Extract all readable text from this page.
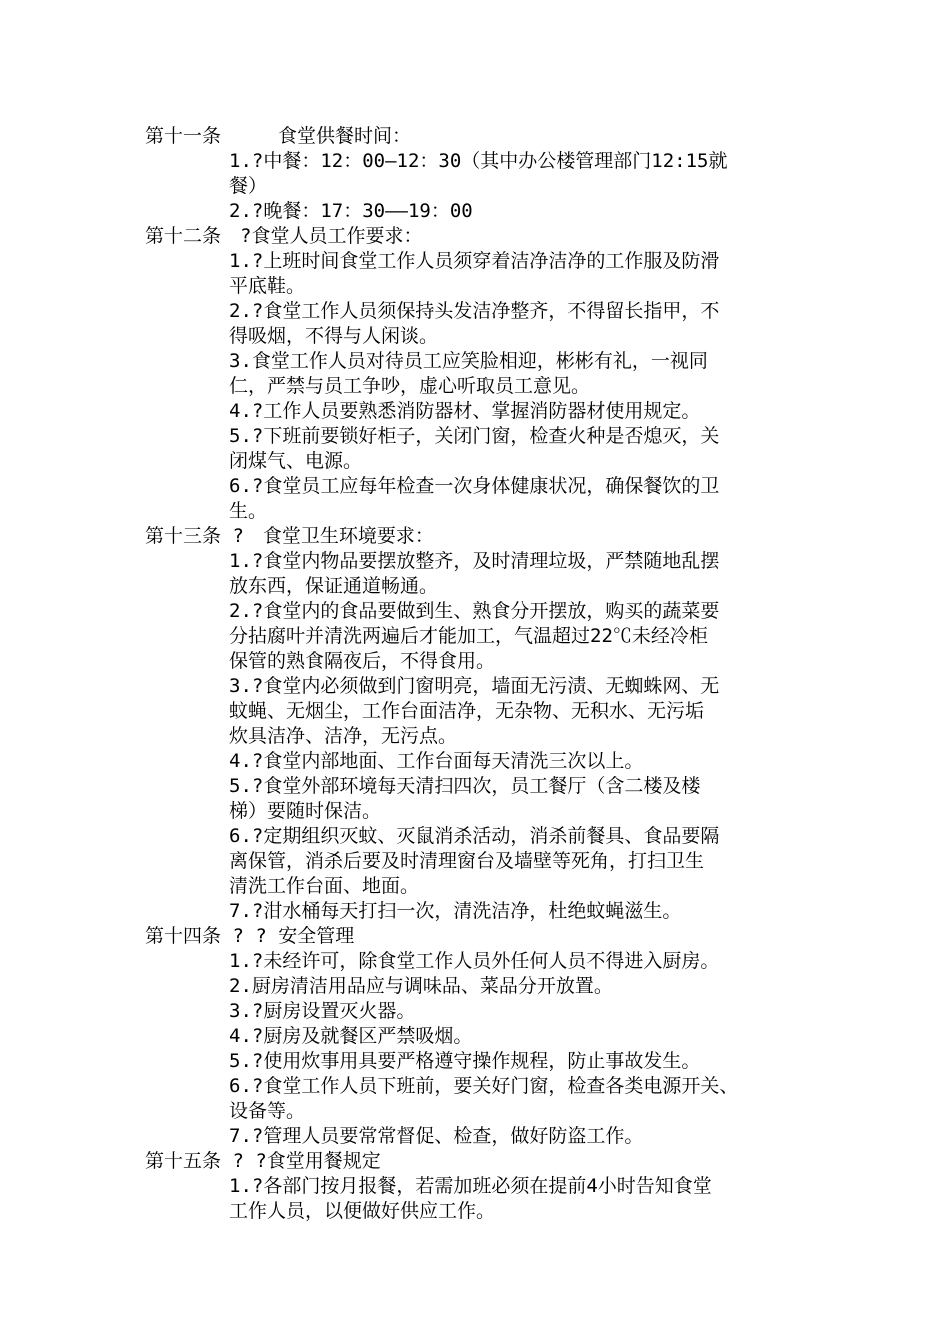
第十一条　　　食堂供餐时间：
1.?中餐：12：00—12：30（其中办公楼管理部门12:15就
餐）
2.?晚餐：17：30——19：00
第十二条　?食堂人员工作要求：
1.?上班时间食堂工作人员须穿着洁净洁净的工作服及防滑
平底鞋。
2.?食堂工作人员须保持头发洁净整齐，不得留长指甲，不
得吸烟，不得与人闲谈。
3.食堂工作人员对待员工应笑脸相迎，彬彬有礼，一视同
仁，严禁与员工争吵，虚心听取员工意见。
4.?工作人员要熟悉消防器材、掌握消防器材使用规定。
5.?下班前要锁好柜子，关闭门窗，检查火种是否熄灭，关
闭煤气、电源。
6.?食堂员工应每年检查一次身体健康状况，确保餐饮的卫
生。
第十三条 ?　食堂卫生环境要求：
1.?食堂内物品要摆放整齐，及时清理垃圾，严禁随地乱摆
放东西，保证通道畅通。
2.?食堂内的食品要做到生、熟食分开摆放，购买的蔬菜要
分拈腐叶并清洗两遍后才能加工，气温超过22℃未经冷柜
保管的熟食隔夜后，不得食用。
3.?食堂内必须做到门窗明亮，墙面无污渍、无蜘蛛网、无
蚊蝇、无烟尘，工作台面洁净，无杂物、无积水、无污垢
炊具洁净、洁净，无污点。
4.?食堂内部地面、工作台面每天清洗三次以上。
5.?食堂外部环境每天清扫四次，员工餐厅（含二楼及楼
梯）要随时保洁。
6.?定期组织灭蚊、灭鼠消杀活动，消杀前餐具、食品要隔
离保管，消杀后要及时清理窗台及墙壁等死角，打扫卫生
清洗工作台面、地面。
7.?泔水桶每天打扫一次，清洗洁净，杜绝蚊蝇滋生。
第十四条 ? ? 安全管理
1.?未经许可，除食堂工作人员外任何人员不得进入厨房。
2.厨房清洁用品应与调味品、菜品分开放置。
3.?厨房设置灭火器。
4.?厨房及就餐区严禁吸烟。
5.?使用炊事用具要严格遵守操作规程，防止事故发生。
6.?食堂工作人员下班前，要关好门窗，检查各类电源开关、
设备等。
7.?管理人员要常常督促、检查，做好防盗工作。
第十五条 ? ?食堂用餐规定
1.?各部门按月报餐，若需加班必须在提前4小时告知食堂
工作人员，以便做好供应工作。
